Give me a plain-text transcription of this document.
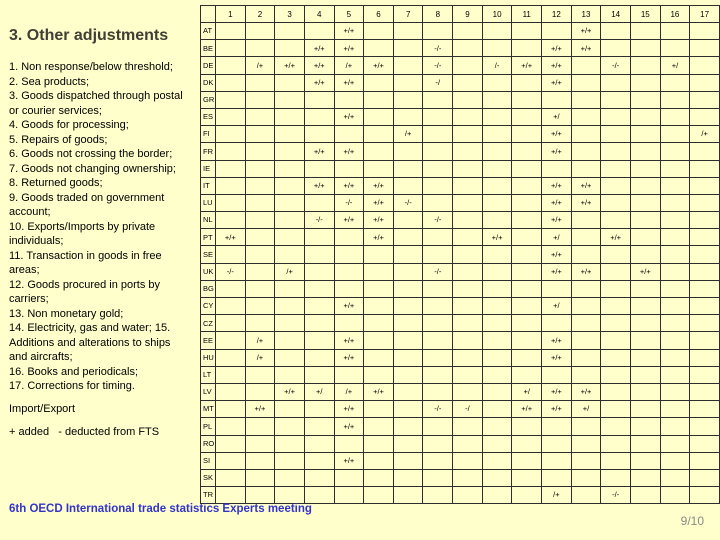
3. Other adjustments
1. Non response/below threshold;
2. Sea products;
3. Goods dispatched through postal or courier services;
4. Goods for processing;
5. Repairs of goods;
6. Goods not crossing the border;
7. Goods not changing ownership;
8. Returned goods;
9. Goods traded on government account;
10. Exports/Imports by private individuals;
11. Transaction in goods in free areas;
12. Goods procured in ports by carriers;
13. Non monetary gold;
14. Electricity, gas and water; 15. Additions and alterations to ships and aircrafts;
16. Books and periodicals;
17. Corrections for timing.
Import/Export
+ added   - deducted from FTS
	1	2	3	4	5	6	7	8	9	10	11	12	13	14	15	16	17
AT					+/+								+/+				
BE				+/+	+/+			-/-				+/+	+/+				
DE		/+	+/+	+/+	/+	+/+		-/-		/-	+/+	+/+		-/-		+/	
DK				+/+	+/+			-/				+/+					
GR																	
ES					+/+							+/					
FI							/+					+/+					/+
FR				+/+	+/+							+/+					
IE																	
IT				+/+	+/+	+/+						+/+	+/+				
LU					-/-	+/+	-/-					+/+	+/+				
NL				-/-	+/+	+/+		-/-				+/+					
PT	+/+					+/+				+/+		+/		+/+			
SE												+/+					
UK	-/-		/+					-/-				+/+	+/+		+/+		
BG																	
CY					+/+							+/					
CZ																	
EE		/+			+/+							+/+					
HU		/+			+/+							+/+					
LT																	
LV			+/+	+/	/+	+/+					+/	+/+	+/+				
MT		+/+			+/+			-/-	-/		+/+	+/+	+/				
PL					+/+												
RO																	
SI					+/+												
SK																	
TR												/+		-/-			
6th OECD International trade statistics Experts meeting
9/10
